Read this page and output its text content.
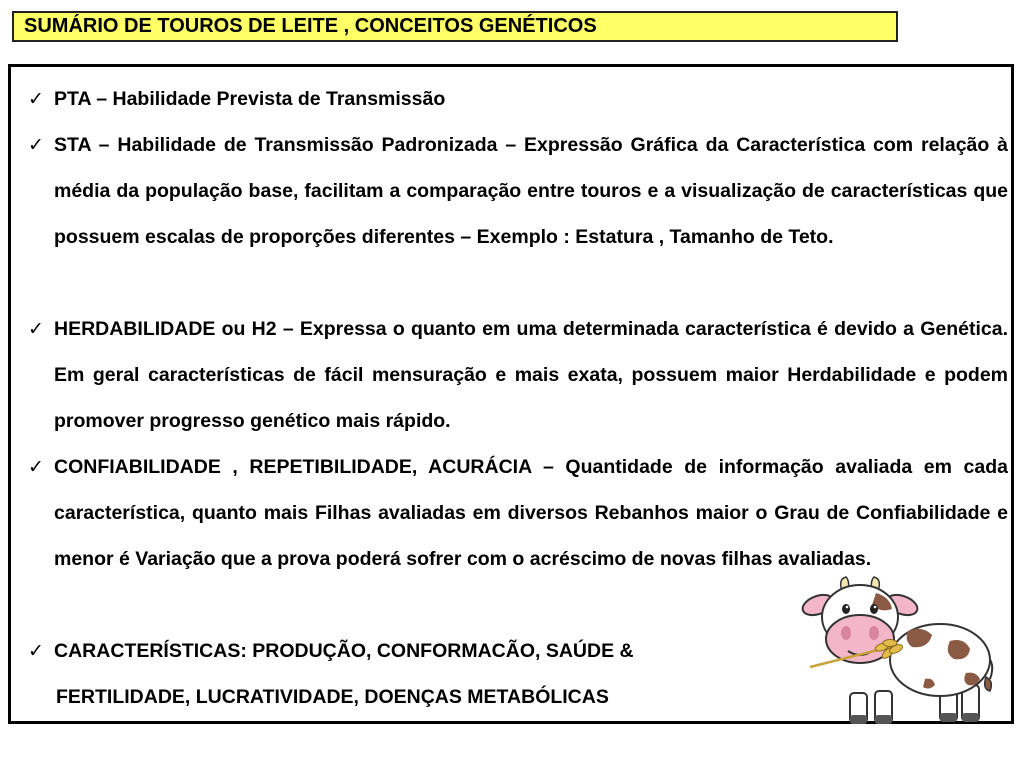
SUMÁRIO DE TOUROS DE LEITE , CONCEITOS GENÉTICOS
✓ PTA – Habilidade Prevista de Transmissão
✓ STA – Habilidade de Transmissão Padronizada – Expressão Gráfica da Característica com relação à média da população base, facilitam a comparação entre touros e a visualização de características que possuem escalas de proporções diferentes – Exemplo : Estatura , Tamanho de Teto.
✓ HERDABILIDADE ou H2 – Expressa o quanto em uma determinada característica é devido a Genética. Em geral características de fácil mensuração e mais exata, possuem maior Herdabilidade e podem promover progresso genético mais rápido.
✓ CONFIABILIDADE , REPETIBILIDADE, ACURÁCIA – Quantidade de informação avaliada em cada característica, quanto mais Filhas avaliadas em diversos Rebanhos maior o Grau de Confiabilidade e menor é Variação que a prova poderá sofrer com o acréscimo de novas filhas avaliadas.
✓ CARACTERÍSTICAS: PRODUÇÃO, CONFORMACÃO, SAÚDE &
FERTILIDADE, LUCRATIVIDADE, DOENÇAS METABÓLICAS
